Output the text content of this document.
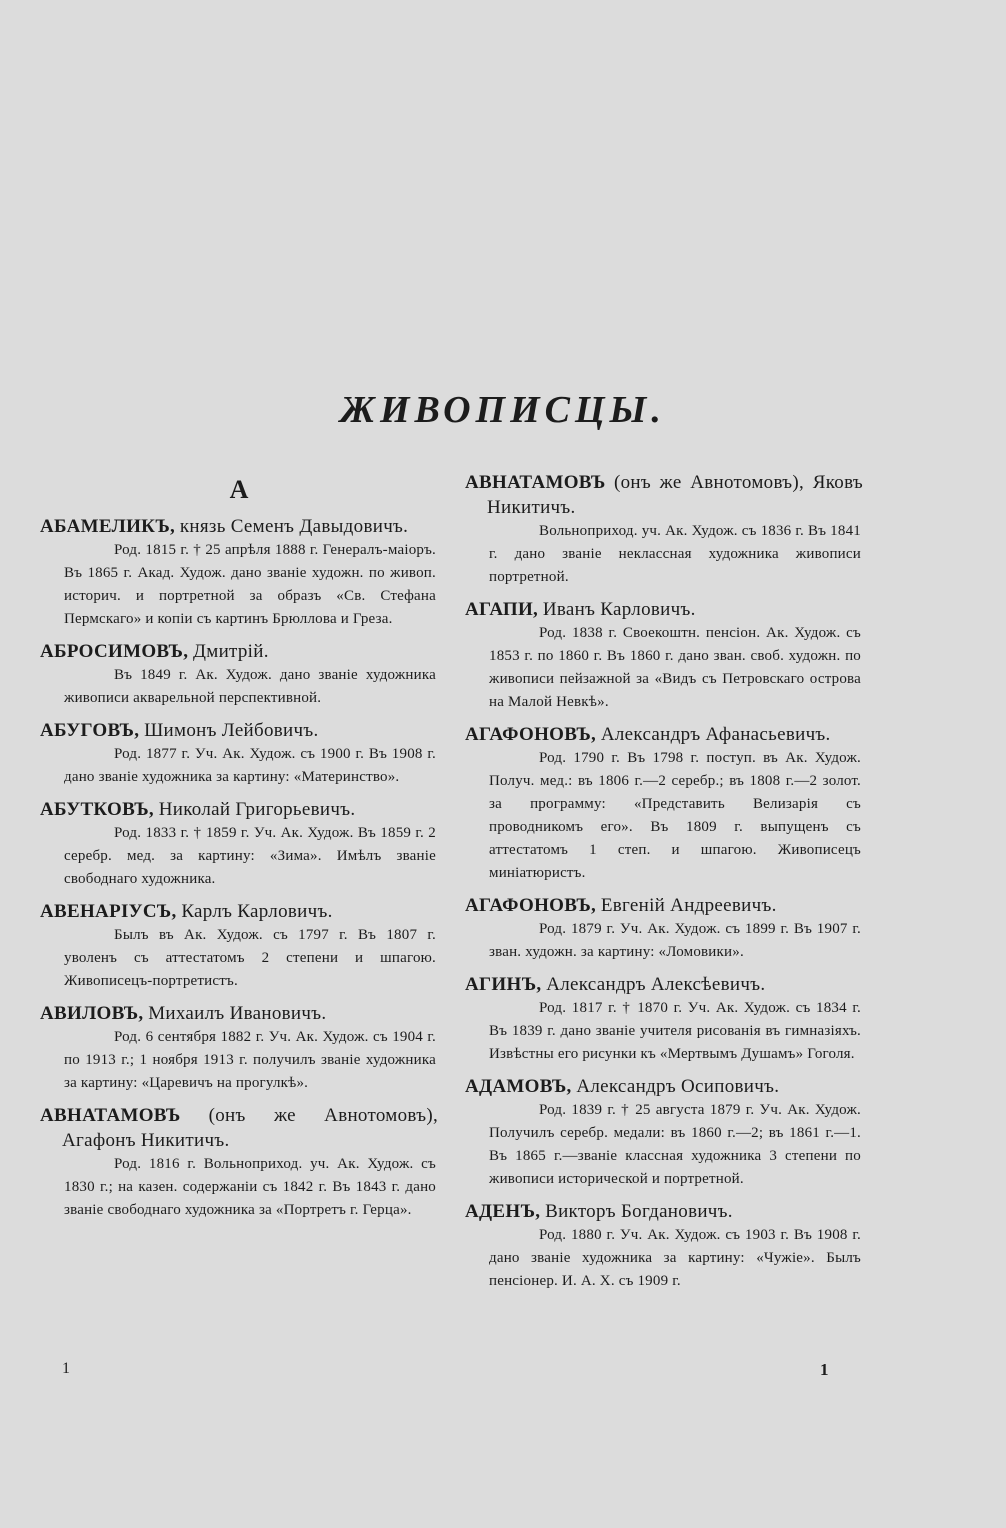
ЖИВОПИСЦЫ.
А
АБАМЕЛИКЪ, князь Семенъ Давыдовичъ.
Род. 1815 г. † 25 апрѣля 1888 г. Генералъ-маіоръ. Въ 1865 г. Акад. Худож. дано званіе художн. по живоп. историч. и портретной за образъ «Св. Стефана Пермскаго» и копіи съ картинъ Брюллова и Греза.
АБРОСИМОВЪ, Дмитрій.
Въ 1849 г. Ак. Худож. дано званіе художника живописи акварельной перспективной.
АБУГОВЪ, Шимонъ Лейбовичъ.
Род. 1877 г. Уч. Ак. Худож. съ 1900 г. Въ 1908 г. дано званіе художника за картину: «Материнство».
АБУТКОВЪ, Николай Григорьевичъ.
Род. 1833 г. † 1859 г. Уч. Ак. Худож. Въ 1859 г. 2 серебр. мед. за картину: «Зима». Имѣлъ званіе свободнаго художника.
АВЕНАРІУСЪ, Карлъ Карловичъ.
Былъ въ Ак. Худож. съ 1797 г. Въ 1807 г. уволенъ съ аттестатомъ 2 степени и шпагою. Живописецъ-портретистъ.
АВИЛОВЪ, Михаилъ Ивановичъ.
Род. 6 сентября 1882 г. Уч. Ак. Худож. съ 1904 г. по 1913 г.; 1 ноября 1913 г. получилъ званіе художника за картину: «Царевичъ на прогулкѣ».
АВНАТАМОВЪ (онъ же Авнотомовъ), Агафонъ Никитичъ.
Род. 1816 г. Вольноприход. уч. Ак. Худож. съ 1830 г.; на казен. содержаніи съ 1842 г. Въ 1843 г. дано званіе свободнаго художника за «Портретъ г. Герца».
АВНАТАМОВЪ (онъ же Авнотомовъ), Яковъ Никитичъ.
Вольноприход. уч. Ак. Худож. съ 1836 г. Въ 1841 г. дано званіе неклассная художника живописи портретной.
АГАПИ, Иванъ Карловичъ.
Род. 1838 г. Своекоштн. пенсіон. Ак. Худож. съ 1853 г. по 1860 г. Въ 1860 г. дано зван. своб. художн. по живописи пейзажной за «Видъ съ Петровскаго острова на Малой Невкѣ».
АГАФОНОВЪ, Александръ Афанасьевичъ.
Род. 1790 г. Въ 1798 г. поступ. въ Ак. Худож. Получ. мед.: въ 1806 г.—2 серебр.; въ 1808 г.—2 золот. за программу: «Представить Велизарія съ проводникомъ его». Въ 1809 г. выпущенъ съ аттестатомъ 1 степ. и шпагою. Живописецъ миніатюристъ.
АГАФОНОВЪ, Евгеній Андреевичъ.
Род. 1879 г. Уч. Ак. Худож. съ 1899 г. Въ 1907 г. зван. художн. за картину: «Ломовики».
АГИНЪ, Александръ Алексѣевичъ.
Род. 1817 г. † 1870 г. Уч. Ак. Худож. съ 1834 г. Въ 1839 г. дано званіе учителя рисованія въ гимназіяхъ. Извѣстны его рисунки къ «Мертвымъ Душамъ» Гоголя.
АДАМОВЪ, Александръ Осиповичъ.
Род. 1839 г. † 25 августа 1879 г. Уч. Ак. Худож. Получилъ серебр. медали: въ 1860 г.—2; въ 1861 г.—1. Въ 1865 г.—званіе классная художника 3 степени по живописи исторической и портретной.
АДЕНЪ, Викторъ Богдановичъ.
Род. 1880 г. Уч. Ак. Худож. съ 1903 г. Въ 1908 г. дано званіе художника за картину: «Чужіе». Былъ пенсіонер. И. А. Х. съ 1909 г.
1	1
